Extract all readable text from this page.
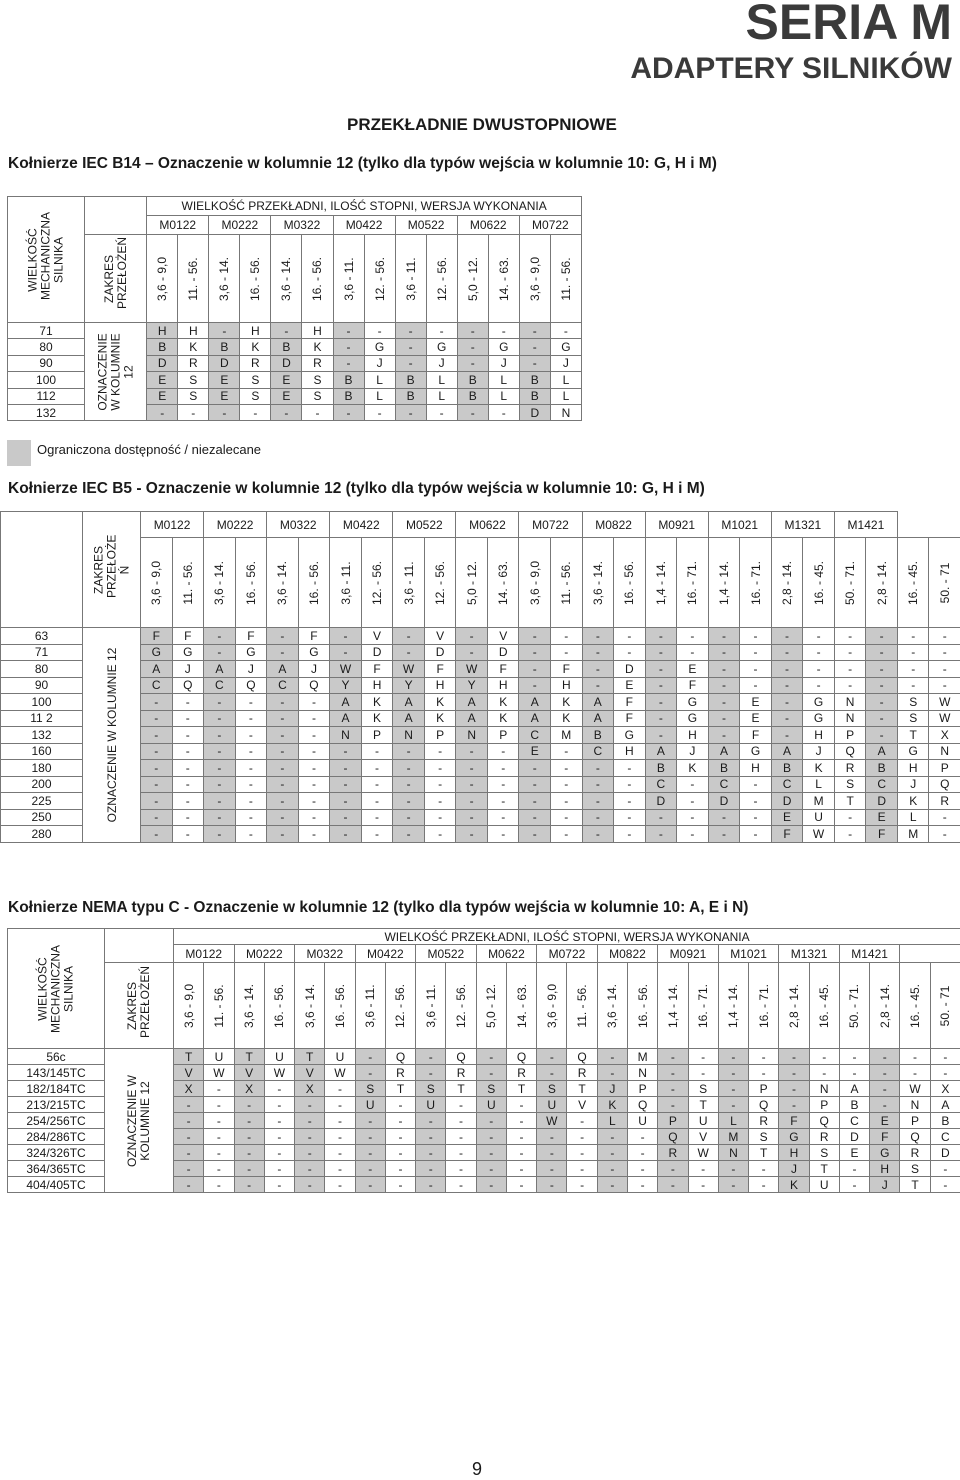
SERIA M
ADAPTERY SILNIKÓW
PRZEKŁADNIE DWUSTOPNIOWE
Kołnierze IEC B14 – Oznaczenie w kolumnie 12 (tylko dla typów wejścia w kolumnie 10: G, H i M)
WIELKOŚĆ MECHANICZNA SILNIKA		WIELKOŚĆ PRZEKŁADNI, ILOŚĆ STOPNI, WERSJA WYKONANIA													
		M0122		M0222		M0322		M0422		M0522		M0622		M0722	

	ZAKRES PRZEŁOŻEŃ	3,6 - 9,0	11. - 56.	3,6 - 14.	16. - 56.	3,6 - 14.	16. - 56.	3,6 - 11.	12. - 56.	3,6 - 11.	12. - 56.	5,0 - 12.	14. - 63.	3,6 - 9,0	11. - 56.

71	OZNACZENIE W KOLUMNIE 12	H	H	-	H	-	H	-	-	-	-	-	-	-	-
80		B	K	B	K	B	K	-	G	-	G	-	G	-	G
90		D	R	D	R	D	R	-	J	-	J	-	J	-	J
100		E	S	E	S	E	S	B	L	B	L	B	L	B	L
112		E	S	E	S	E	S	B	L	B	L	B	L	B	L
132		-	-	-	-	-	-	-	-	-	-	-	-	D	N
Ograniczona dostępność / niezalecane
Kołnierze IEC B5 - Oznaczenie w kolumnie 12 (tylko dla typów wejścia w kolumnie 10: G, H i M)

	ZAKRES PRZEŁOŻE Ń	M0122		M0222		M0322		M0422		M0522		M0622		M0722		M0822		M0921		M1021		M1321		M1421			

		3,6 - 9,0	11. - 56.	3,6 - 14.	16. - 56.	3,6 - 14.	16. - 56.	3,6 - 11.	12. - 56.	3,6 - 11.	12. - 56.	5,0 - 12.	14. - 63.	3,6 - 9,0	11. - 56.	3,6 - 14.	16. - 56.	1,4 - 14.	16. - 71.	1,4 - 14.	16. - 71.	2,8 - 14.	16. - 45.	50. - 71.	2,8 - 14.	16. - 45.	50. - 71

63	OZNACZENIE W KOLUMNIE 12	F	F	-	F	-	F	-	V	-	V	-	V	-	-	-	-	-	-	-	-	-	-	-	-	-	-
71		G	G	-	G	-	G	-	D	-	D	-	D	-	-	-	-	-	-	-	-	-	-	-	-	-	-
80		A	J	A	J	A	J	W	F	W	F	W	F	-	F	-	D	-	E	-	-	-	-	-	-	-	-
90		C	Q	C	Q	C	Q	Y	H	Y	H	Y	H	-	H	-	E	-	F	-	-	-	-	-	-	-	-
100		-	-	-	-	-	-	A	K	A	K	A	K	A	K	A	F	-	G	-	E	-	G	N	-	S	W
11 2		-	-	-	-	-	-	A	K	A	K	A	K	A	K	A	F	-	G	-	E	-	G	N	-	S	W
132		-	-	-	-	-	-	N	P	N	P	N	P	C	M	B	G	-	H	-	F	-	H	P	-	T	X
160		-	-	-	-	-	-	-	-	-	-	-	-	E	-	C	H	A	J	A	G	A	J	Q	A	G	N
180		-	-	-	-	-	-	-	-	-	-	-	-	-	-	-	-	B	K	B	H	B	K	R	B	H	P
200		-	-	-	-	-	-	-	-	-	-	-	-	-	-	-	-	C	-	C	-	C	L	S	C	J	Q
225		-	-	-	-	-	-	-	-	-	-	-	-	-	-	-	-	D	-	D	-	D	M	T	D	K	R
250		-	-	-	-	-	-	-	-	-	-	-	-	-	-	-	-	-	-	-	-	E	U	-	E	L	-
280		-	-	-	-	-	-	-	-	-	-	-	-	-	-	-	-	-	-	-	-	F	W	-	F	M	-
Kołnierze NEMA typu C - Oznaczenie w kolumnie 12 (tylko dla typów wejścia w kolumnie 10: A, E i N)
WIELKOŚĆ MECHANICZNA SILNIKA		WIELKOŚĆ PRZEKŁADNI, ILOŚĆ STOPNI, WERSJA WYKONANIA																									
		M0122		M0222		M0322		M0422		M0522		M0622		M0722		M0822		M0921		M1021		M1321		M1421			

	ZAKRES PRZEŁOŻEŃ	3,6 - 9,0	11. - 56.	3,6 - 14.	16. - 56.	3,6 - 14.	16. - 56.	3,6 - 11.	12. - 56.	3,6 - 11.	12. - 56.	5,0 - 12.	14. - 63.	3,6 - 9,0	11. - 56.	3,6 - 14.	16. - 56.	1,4 - 14.	16. - 71.	1,4 - 14.	16. - 71.	2,8 - 14.	16. - 45.	50. - 71.	2,8 - 14.	16. - 45.	50. - 71

56c	OZNACZENIE W KOLUMNIE 12	T	U	T	U	T	U	-	Q	-	Q	-	Q	-	Q	-	M	-	-	-	-	-	-	-	-	-	-
143/145TC		V	W	V	W	V	W	-	R	-	R	-	R	-	R	-	N	-	-	-	-	-	-	-	-	-	-
182/184TC		X	-	X	-	X	-	S	T	S	T	S	T	S	T	J	P	-	S	-	P	-	N	A	-	W	X
213/215TC		-	-	-	-	-	-	U	-	U	-	U	-	U	V	K	Q	-	T	-	Q	-	P	B	-	N	A
254/256TC		-	-	-	-	-	-	-	-	-	-	-	-	W	-	L	U	P	U	L	R	F	Q	C	E	P	B
284/286TC		-	-	-	-	-	-	-	-	-	-	-	-	-	-	-	-	Q	V	M	S	G	R	D	F	Q	C
324/326TC		-	-	-	-	-	-	-	-	-	-	-	-	-	-	-	-	R	W	N	T	H	S	E	G	R	D
364/365TC		-	-	-	-	-	-	-	-	-	-	-	-	-	-	-	-	-	-	-	-	J	T	-	H	S	-
404/405TC		-	-	-	-	-	-	-	-	-	-	-	-	-	-	-	-	-	-	-	-	K	U	-	J	T	-
9
